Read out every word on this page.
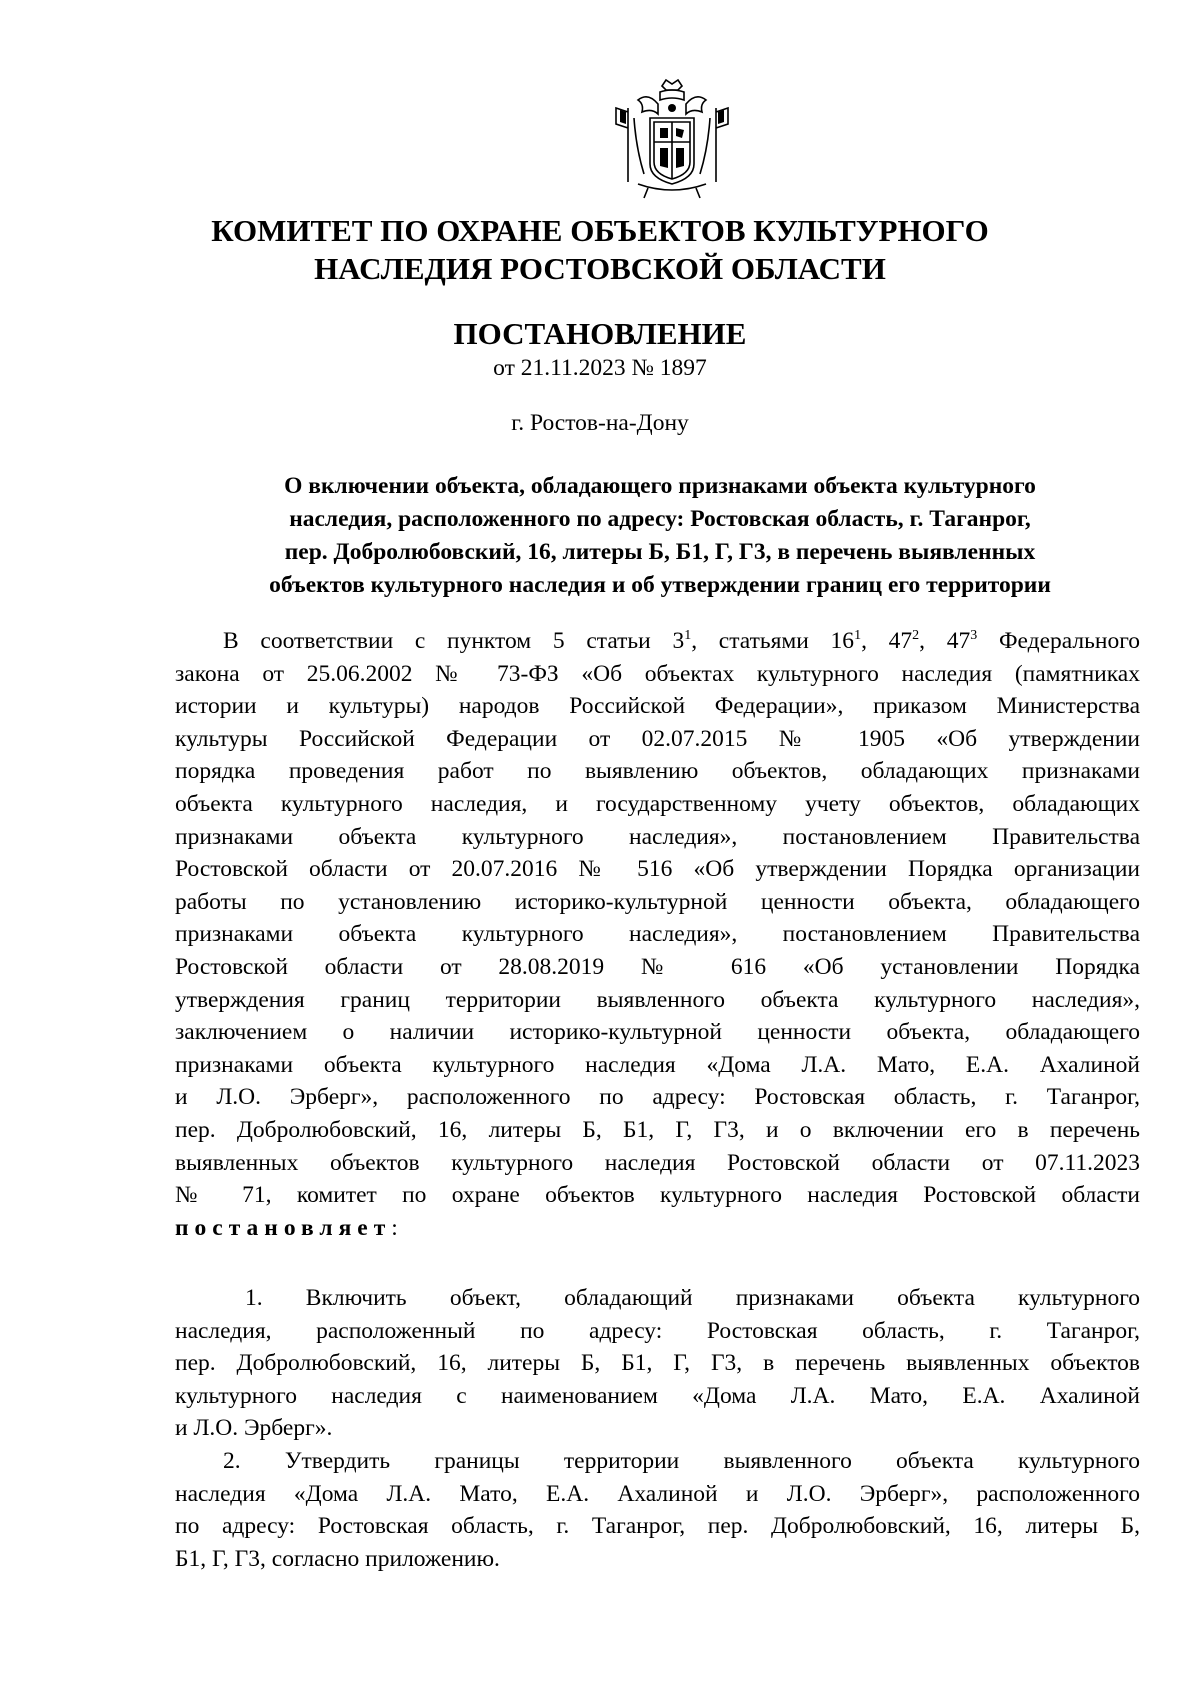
КОМИТЕТ ПО ОХРАНЕ ОБЪЕКТОВ КУЛЬТУРНОГО
НАСЛЕДИЯ РОСТОВСКОЙ ОБЛАСТИ
ПОСТАНОВЛЕНИЕ
от 21.11.2023 № 1897
г. Ростов-на-Дону
О включении объекта, обладающего признаками объекта культурного
наследия, расположенного по адресу: Ростовская область, г. Таганрог,
пер. Добролюбовский, 16, литеры Б, Б1, Г, Г3, в перечень выявленных
объектов культурного наследия и об утверждении границ его территории
В соответствии с пунктом 5 статьи $3^1$, статьями $16^1$, $47^2$, $47^3$ Федерального
закона от 25.06.2002 № 73-ФЗ «Об объектах культурного наследия (памятниках
истории и культуры) народов Российской Федерации», приказом Министерства
культуры Российской Федерации от 02.07.2015 № 1905 «Об утверждении
порядка проведения работ по выявлению объектов, обладающих признаками
объекта культурного наследия, и государственному учету объектов, обладающих
признаками объекта культурного наследия», постановлением Правительства
Ростовской области от 20.07.2016 № 516 «Об утверждении Порядка организации
работы по установлению историко-культурной ценности объекта, обладающего
признаками объекта культурного наследия», постановлением Правительства
Ростовской области от 28.08.2019 № 616 «Об установлении Порядка
утверждения границ территории выявленного объекта культурного наследия»,
заключением о наличии историко-культурной ценности объекта, обладающего
признаками объекта культурного наследия «Дома Л.А. Мато, Е.А. Ахалиной
и Л.О. Эрберг», расположенного по адресу: Ростовская область, г. Таганрог,
пер. Добролюбовский, 16, литеры Б, Б1, Г, Г3, и о включении его в перечень
выявленных объектов культурного наследия Ростовской области от 07.11.2023
№ 71, комитет по охране объектов культурного наследия Ростовской области
постановляет:
1. Включить объект, обладающий признаками объекта культурного
наследия, расположенный по адресу: Ростовская область, г. Таганрог,
пер. Добролюбовский, 16, литеры Б, Б1, Г, Г3, в перечень выявленных объектов
культурного наследия с наименованием «Дома Л.А. Мато, Е.А. Ахалиной
и Л.О. Эрберг».
2. Утвердить границы территории выявленного объекта культурного
наследия «Дома Л.А. Мато, Е.А. Ахалиной и Л.О. Эрберг», расположенного
по адресу: Ростовская область, г. Таганрог, пер. Добролюбовский, 16, литеры Б,
Б1, Г, Г3, согласно приложению.
